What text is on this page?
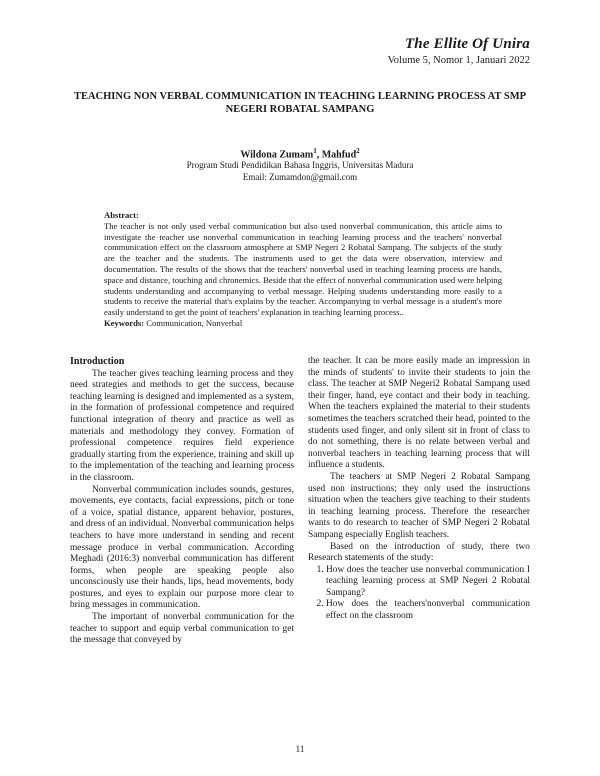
The Ellite Of Unira
Volume 5, Nomor 1, Januari 2022
TEACHING NON VERBAL COMMUNICATION IN TEACHING LEARNING PROCESS AT SMP NEGERI ROBATAL SAMPANG
Wildona Zumam$^1$, Mahfud$^2$
Program Studi Pendidikan Bahasa Inggris, Universitas Madura
Email: Zumamdon@gmail.com
Abstract:
The teacher is not only used verbal communication but also used nonverbal communication, this article aims to investigate the teacher use nonverbal communication in teaching learning process and the teachers' nonverbal communication effect on the classroom atmosphere at SMP Negeri 2 Robatal Sampang. The subjects of the study are the teacher and the students. The instruments used to get the data were observation, interview and documentation. The results of the shows that the teachers' nonverbal used in teaching learning process are hands, space and distance, touching and chronemics. Beside that the effect of nonverbal communication used were helping students understanding and accompanying to verbal message. Helping students understanding more easily to a students to receive the material that's explains by the teacher. Accompanying to verbal message is a student's more easily understand to get the point of teachers' explanation in teaching learning process..
Keywords: Communication, Nonverbal
Introduction

The teacher gives teaching learning process and they need strategies and methods to get the success, because teaching learning is designed and implemented as a system, in the formation of professional competence and required functional integration of theory and practice as well as materials and methodology they convey. Formation of professional competence requires field experience gradually starting from the experience, training and skill up to the implementation of the teaching and learning process in the classroom.

Nonverbal communication includes sounds, gestures, movements, eye contacts, facial expressions, pitch or tone of a voice, spatial distance, apparent behavior, postures, and dress of an individual. Nonverbal communication helps teachers to have more understand in sending and recent message produce in verbal communication. According Meghadi (2016:3) nonverbal communication has different forms, when people are speaking people also unconsciously use their hands, lips, head movements, body postures, and eyes to explain our purpose more clear to bring messages in communication.

The important of nonverbal communication for the teacher to support and equip verbal communication to get the message that conveyed by

the teacher. It can be more easily made an impression in the minds of students' to invite their students to join the class. The teacher at SMP Negeri2 Robatal Sampang used their finger, hand, eye contact and their body in teaching. When the teachers explained the material to their students sometimes the teachers scratched their head, pointed to the students used finger, and only silent sit in front of class to do not something, there is no relate between verbal and nonverbal teachers in teaching learning process that will influence a students.

The teachers at SMP Negeri 2 Robatal Sampang used non instructions; they only used the instructions situation when the teachers give teaching to their students in teaching learning process. Therefore the researcher wants to do research to teacher of SMP Negeri 2 Robatal Sampang especially English teachers.

Based on the introduction of study, there two Research statements of the study:

1. How does the teacher use nonverbal communication I teaching learning process at SMP Negeri 2 Robatal Sampang?
2. How does the teachers'nonverbal communication effect on the classroom
11
